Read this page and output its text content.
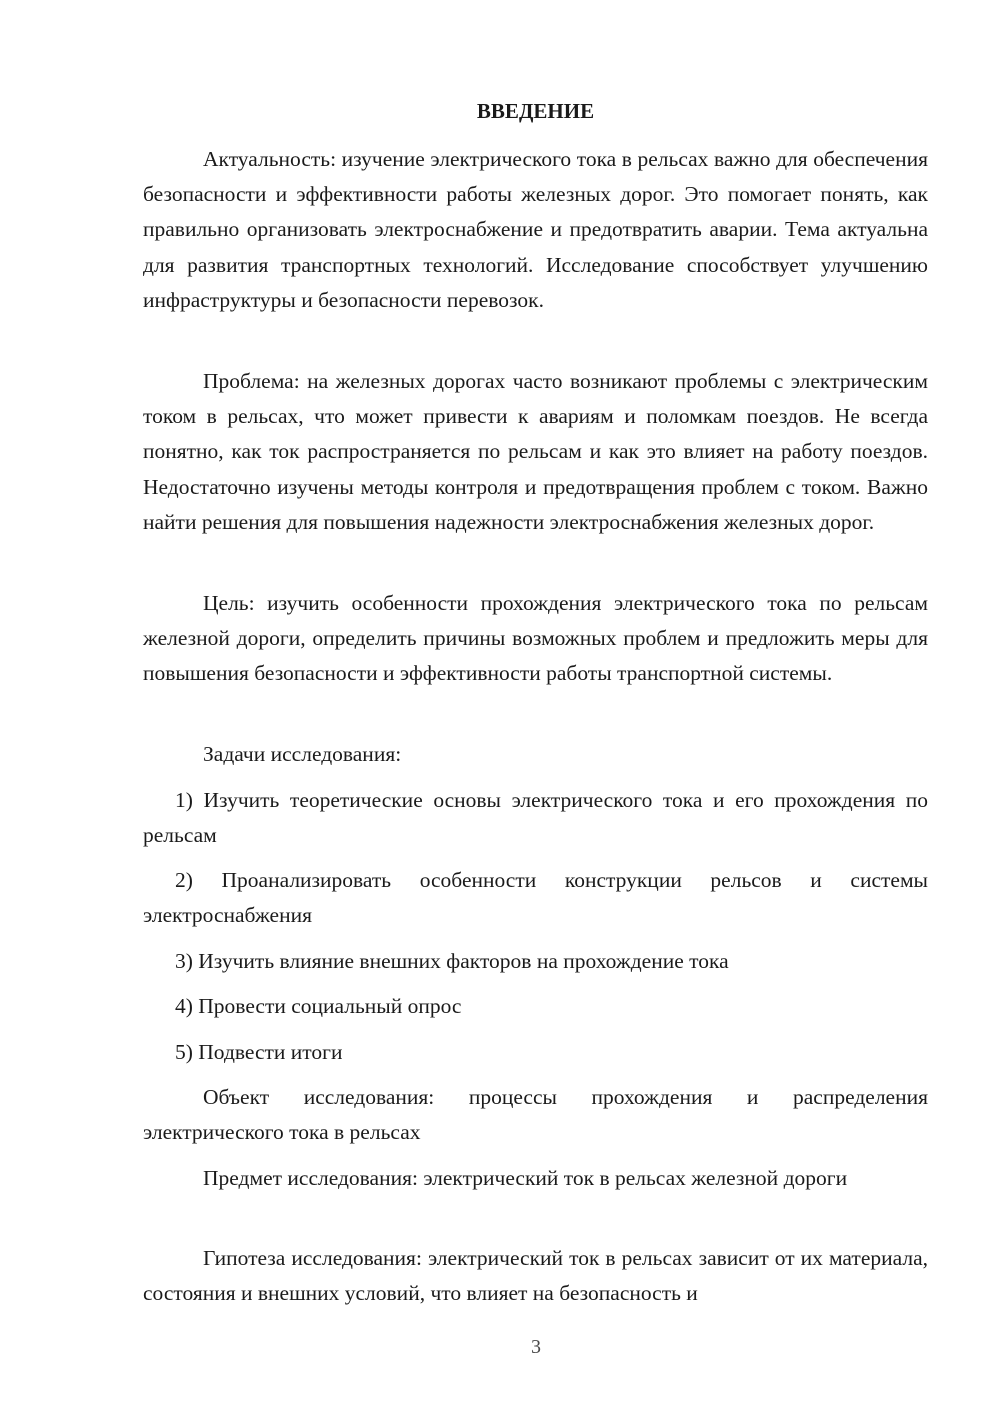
ВВЕДЕНИЕ

Актуальность: изучение электрического тока в рельсах важно для обеспечения безопасности и эффективности работы железных дорог. Это помогает понять, как правильно организовать электроснабжение и предотвратить аварии. Тема актуальна для развития транспортных технологий. Исследование способствует улучшению инфраструктуры и безопасности перевозок.

Проблема: на железных дорогах часто возникают проблемы с электрическим током в рельсах, что может привести к авариям и поломкам поездов. Не всегда понятно, как ток распространяется по рельсам и как это влияет на работу поездов. Недостаточно изучены методы контроля и предотвращения проблем с током. Важно найти решения для повышения надежности электроснабжения железных дорог.

Цель: изучить особенности прохождения электрического тока по рельсам железной дороги, определить причины возможных проблем и предложить меры для повышения безопасности и эффективности работы транспортной системы.

Задачи исследования:

1) Изучить теоретические основы электрического тока и его прохождения по рельсам

2) Проанализировать особенности конструкции рельсов и системы электроснабжения

3) Изучить влияние внешних факторов на прохождение тока

4) Провести социальный опрос

5) Подвести итоги

Объект исследования: процессы прохождения и распределения электрического тока в рельсах

Предмет исследования: электрический ток в рельсах железной дороги

Гипотеза исследования: электрический ток в рельсах зависит от их материала, состояния и внешних условий, что влияет на безопасность и

3
